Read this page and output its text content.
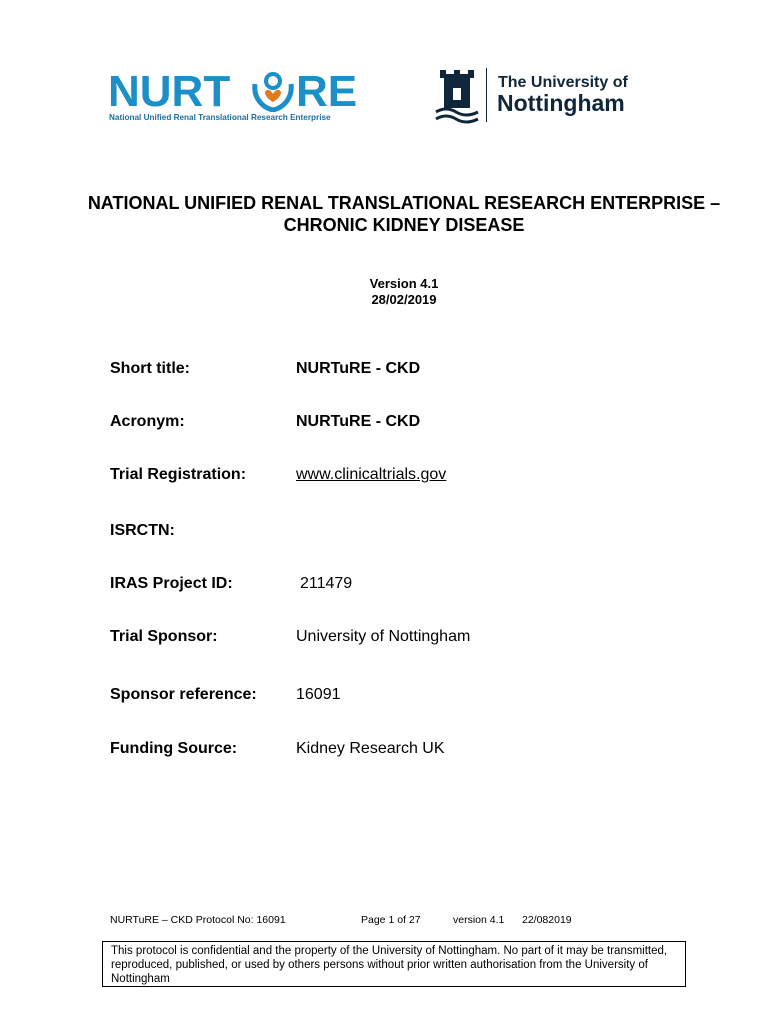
NURT RE
National Unified Renal Translational Research Enterprise
The University of
Nottingham
NATIONAL UNIFIED RENAL TRANSLATIONAL RESEARCH ENTERPRISE – CHRONIC KIDNEY DISEASE
Version 4.1
28/02/2019
Short title:	NURTuRE - CKD
Acronym:	NURTuRE - CKD
Trial Registration:	www.clinicaltrials.gov
ISRCTN:
IRAS Project ID:	211479
Trial Sponsor:	University of Nottingham
Sponsor reference: 16091
Funding Source:	Kidney Research UK
NURTuRE – CKD Protocol No: 16091	Page 1 of 27	version 4.1 22/082019
This protocol is confidential and the property of the University of Nottingham. No part of it may be transmitted, reproduced, published, or used by others persons without prior written authorisation from the University of Nottingham
